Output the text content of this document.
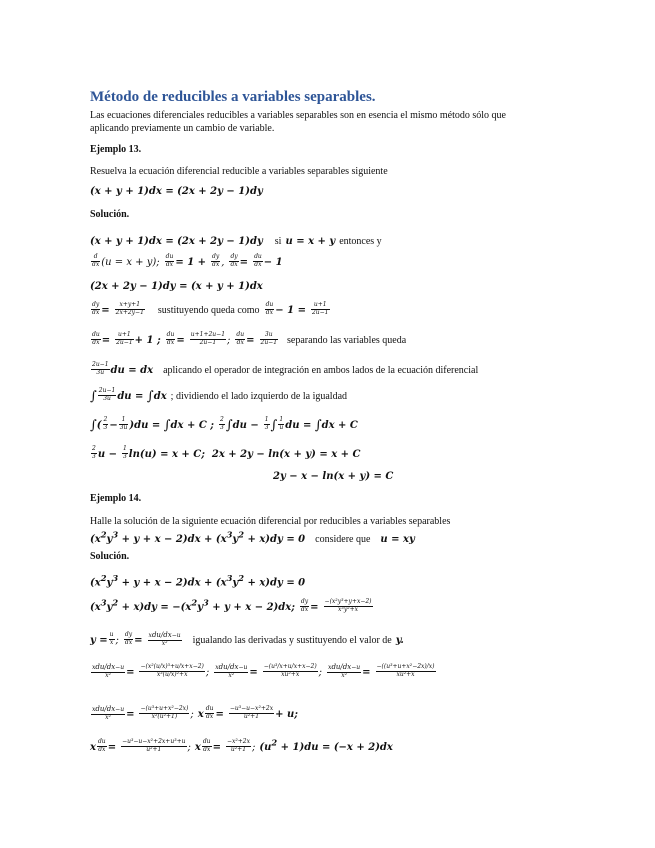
Método de reducibles a variables separables.
Las ecuaciones diferenciales reducibles a variables separables son en esencia el mismo método sólo que
aplicando previamente un cambio de variable.
Ejemplo 13.
Resuelva la ecuación diferencial reducible a variables separables siguiente
(x + y + 1)dx = (2x + 2y − 1)dy
Solución.
(x + y + 1)dx = (2x + 2y − 1)dy si u = x + y entonces y
$\frac{d}{dx} (u = x + y)$; $\frac{du}{dx} = 1 + \frac{dy}{dx}$ , $\frac{dy}{dx} = \frac{du}{dx} - 1$
(2x + 2y − 1)dy = (x + y + 1)dx
$\frac{dy}{dx} = \frac{x+y+1}{2x+2y-1}$ sustituyendo queda como $\frac{du}{dx} - 1 = \frac{u+1}{2u-1}$
$\frac{du}{dx} = \frac{u+1}{2u-1} + 1$ ; $\frac{du}{dx} = \frac{u+1+2u-1}{2u-1}$ ; $\frac{du}{dx} = \frac{3u}{2u-1}$ separando las variables queda
$\frac{2u-1}{3u}$ du = dx aplicando el operador de integración en ambos lados de la ecuación diferencial
∫ $\frac{2u-1}{3u}$ du = ∫dx ; dividiendo el lado izquierdo de la igualdad
∫( $\frac{2}{3} - \frac{1}{3u} )du = \int dx + C$ ; $\frac{2}{3} \int du - \frac{1}{3}$ ∫ $\frac{1}{u}$ du = ∫dx + C
$\frac{2}{3}$ $u - \frac{1}{3} \ln(u) = x + C$;  2x + 2y − ln(x + y) = x + C
2y − x − ln(x + y) = C
Ejemplo 14.
Halle la solución de la siguiente ecuación diferencial por reducibles a variables separables
$(x^2y^3 + y + x - 2)dx + (x^3y^2 + x)dy = 0$ considere que u = xy
Solución.
$(x^2y^3 + y + x - 2)dx + (x^3y^2 + x)dy = 0$
$(x^3y^2 + x)dy = -(x^2y^3 + y + x - 2)dx$; $\frac{dy}{dx} = \frac{\text{−(x²y³+y+x−2)}}{\text{x³y²+x}}$
$y = \frac{u}{x}$ ; $\frac{dy}{dx} = \frac{\text{xdu/dx−u}}{\text{x²}}$ igualando las derivadas y sustituyendo el valor de y.
$\frac{\text{xdu/dx−u}}{\text{x²}} = \frac{\text{−(x²(u/x)³+u/x+x−2)}}{\text{x³(u/x)²+x}}$ ; $\frac{\text{xdu/dx−u}}{\text{x²}} = \frac{\text{−(u³/x+u/x+x−2)}}{\text{xu²+x}}$ ; $\frac{\text{xdu/dx−u}}{\text{x²}} = \frac{\text{−((u³+u+x²−2x)/x)}}{\text{xu²+x}}$
$\frac{\text{xdu/dx−u}}{\text{x²}} = \frac{\text{−(u³+u+x²−2x)}}{\text{x²(u²+1)}}$ ; x $\frac{du}{dx} = \frac{\text{−u³−u−x²+2x}}{\text{u²+1}} + u$;
x $\frac{du}{dx} = \frac{\text{−u³−u−x²+2x+u³+u}}{\text{u²+1}}$ ; x $\frac{du}{dx} = \frac{\text{−x²+2x}}{\text{u²+1}}$ ; $(u^2 + 1)du = (-x + 2)dx$
